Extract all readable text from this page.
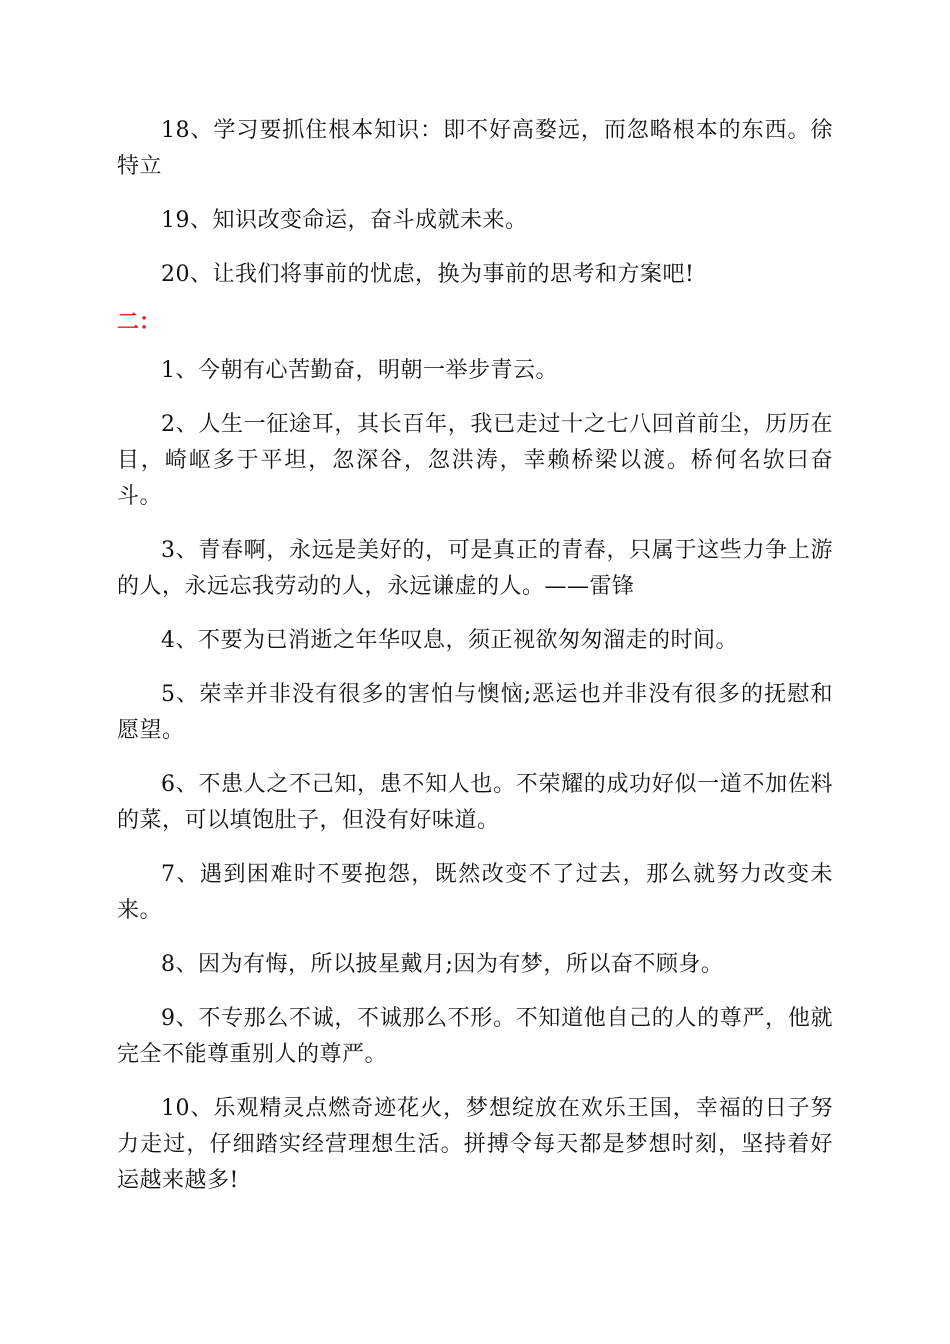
18、学习要抓住根本知识：即不好高婺远，而忽略根本的东西。徐特立

19、知识改变命运，奋斗成就未来。

20、让我们将事前的忧虑，换为事前的思考和方案吧!

二：

1、今朝有心苦勤奋，明朝一举步青云。

2、人生一征途耳，其长百年，我已走过十之七八回首前尘，历历在目，崎岖多于平坦，忽深谷，忽洪涛，幸赖桥梁以渡。桥何名欤曰奋斗。

3、青春啊，永远是美好的，可是真正的青春，只属于这些力争上游的人，永远忘我劳动的人，永远谦虚的人。——雷锋

4、不要为已消逝之年华叹息，须正视欲匆匆溜走的时间。

5、荣幸并非没有很多的害怕与懊恼;恶运也并非没有很多的抚慰和愿望。

6、不患人之不己知，患不知人也。不荣耀的成功好似一道不加佐料的菜，可以填饱肚子，但没有好味道。

7、遇到困难时不要抱怨，既然改变不了过去，那么就努力改变未来。

8、因为有悔，所以披星戴月;因为有梦，所以奋不顾身。

9、不专那么不诚，不诚那么不形。不知道他自己的人的尊严，他就完全不能尊重别人的尊严。

10、乐观精灵点燃奇迹花火，梦想绽放在欢乐王国，幸福的日子努力走过，仔细踏实经营理想生活。拼搏令每天都是梦想时刻，坚持着好运越来越多!
